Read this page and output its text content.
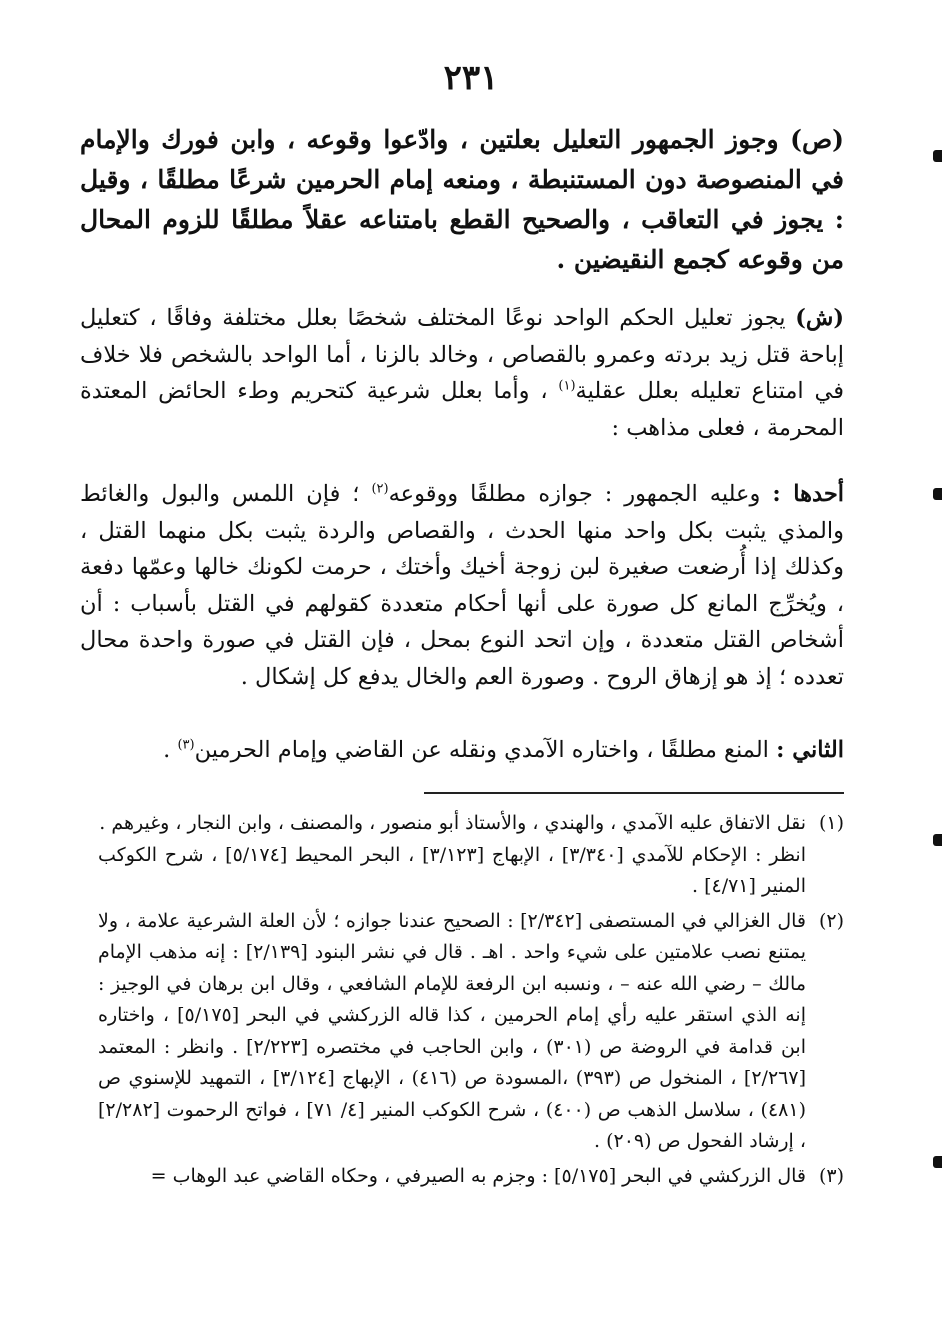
٢٣١
(ص) وجوز الجمهور التعليل بعلتين ، وادّعوا وقوعه ، وابن فورك والإمام في المنصوصة دون المستنبطة ، ومنعه إمام الحرمين شرعًا مطلقًا ، وقيل : يجوز في التعاقب ، والصحيح القطع بامتناعه عقلاً مطلقًا للزوم المحال من وقوعه كجمع النقيضين .
(ش) يجوز تعليل الحكم الواحد نوعًا المختلف شخصًا بعلل مختلفة وفاقًا ، كتعليل إباحة قتل زيد بردته وعمرو بالقصاص ، وخالد بالزنا ، أما الواحد بالشخص فلا خلاف في امتناع تعليله بعلل عقلية$^{(١)}$ ، وأما بعلل شرعية كتحريم وطء الحائض المعتدة المحرمة ، فعلى مذاهب :
أحدها : وعليه الجمهور : جوازه مطلقًا ووقوعه$^{(٢)}$ ؛ فإن اللمس والبول والغائط والمذي يثبت بكل واحد منها الحدث ، والقصاص والردة يثبت بكل منهما القتل ، وكذلك إذا أُرضعت صغيرة لبن زوجة أخيك وأختك ، حرمت لكونك خالها وعمّها دفعة ، ويُخرِّج المانع كل صورة على أنها أحكام متعددة كقولهم في القتل بأسباب : أن أشخاص القتل متعددة ، وإن اتحد النوع بمحل ، فإن القتل في صورة واحدة محال تعدده ؛ إذ هو إزهاق الروح . وصورة العم والخال يدفع كل إشكال .
الثاني : المنع مطلقًا ، واختاره الآمدي ونقله عن القاضي وإمام الحرمين$^{(٣)}$ .
(١)

نقل الاتفاق عليه الآمدي ، والهندي ، والأستاذ أبو منصور ، والمصنف ، وابن النجار ، وغيرهم .

انظر : الإحكام للآمدي [٣/٣٤٠] ، الإبهاج [٣/١٢٣] ، البحر المحيط [٥/١٧٤] ، شرح الكوكب المنير [٤/٧١] .

(٢)

قال الغزالي في المستصفى [٢/٣٤٢] : الصحيح عندنا جوازه ؛ لأن العلة الشرعية علامة ، ولا يمتنع نصب علامتين على شيء واحد . اهـ . قال في نشر البنود [٢/١٣٩] : إنه مذهب الإمام مالك – رضي الله عنه – ، ونسبه ابن الرفعة للإمام الشافعي ، وقال ابن برهان في الوجيز : إنه الذي استقر عليه رأي إمام الحرمين ، كذا قاله الزركشي في البحر [٥/١٧٥] ، واختاره ابن قدامة في الروضة ص (٣٠١) ، وابن الحاجب في مختصره [٢/٢٢٣] . وانظر : المعتمد [٢/٢٦٧] ، المنخول ص (٣٩٣) ،المسودة ص (٤١٦) ، الإبهاج [٣/١٢٤] ، التمهيد للإسنوي ص (٤٨١) ، سلاسل الذهب ص (٤٠٠) ، شرح الكوكب المنير [٤/ ٧١] ، فواتح الرحموت [٢/٢٨٢] ، إرشاد الفحول ص (٢٠٩) .

(٣)

قال الزركشي في البحر [٥/١٧٥] : وجزم به الصيرفي ، وحكاه القاضي عبد الوهاب =
